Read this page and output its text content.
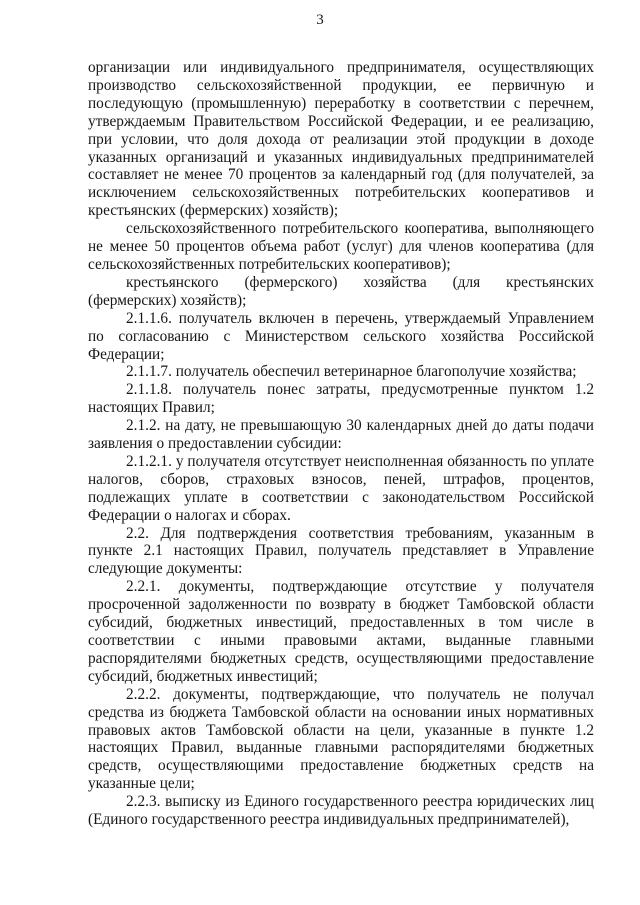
3

организации или индивидуального предпринимателя, осуществляющих производство сельскохозяйственной продукции, ее первичную и последующую (промышленную) переработку в соответствии с перечнем, утверждаемым Правительством Российской Федерации, и ее реализацию, при условии, что доля дохода от реализации этой продукции в доходе указанных организаций и указанных индивидуальных предпринимателей составляет не менее 70 процентов за календарный год (для получателей, за исключением сельскохозяйственных потребительских кооперативов и крестьянских (фермерских) хозяйств);

сельскохозяйственного потребительского кооператива, выполняющего не менее 50 процентов объема работ (услуг) для членов кооператива (для сельскохозяйственных потребительских кооперативов);

крестьянского (фермерского) хозяйства (для крестьянских (фермерских) хозяйств);

2.1.1.6. получатель включен в перечень, утверждаемый Управлением по согласованию с Министерством сельского хозяйства Российской Федерации;

2.1.1.7. получатель обеспечил ветеринарное благополучие хозяйства;

2.1.1.8. получатель понес затраты, предусмотренные пунктом 1.2 настоящих Правил;

2.1.2. на дату, не превышающую 30 календарных дней до даты подачи заявления о предоставлении субсидии:

2.1.2.1. у получателя отсутствует неисполненная обязанность по уплате налогов, сборов, страховых взносов, пеней, штрафов, процентов, подлежащих уплате в соответствии с законодательством Российской Федерации о налогах и сборах.

2.2. Для подтверждения соответствия требованиям, указанным в пункте 2.1 настоящих Правил, получатель представляет в Управление следующие документы:

2.2.1. документы, подтверждающие отсутствие у получателя просроченной задолженности по возврату в бюджет Тамбовской области субсидий, бюджетных инвестиций, предоставленных в том числе в соответствии с иными правовыми актами, выданные главными распорядителями бюджетных средств, осуществляющими предоставление субсидий, бюджетных инвестиций;

2.2.2. документы, подтверждающие, что получатель не получал средства из бюджета Тамбовской области на основании иных нормативных правовых актов Тамбовской области на цели, указанные в пункте 1.2 настоящих Правил, выданные главными распорядителями бюджетных средств, осуществляющими предоставление бюджетных средств на указанные цели;

2.2.3. выписку из Единого государственного реестра юридических лиц (Единого государственного реестра индивидуальных предпринимателей),
